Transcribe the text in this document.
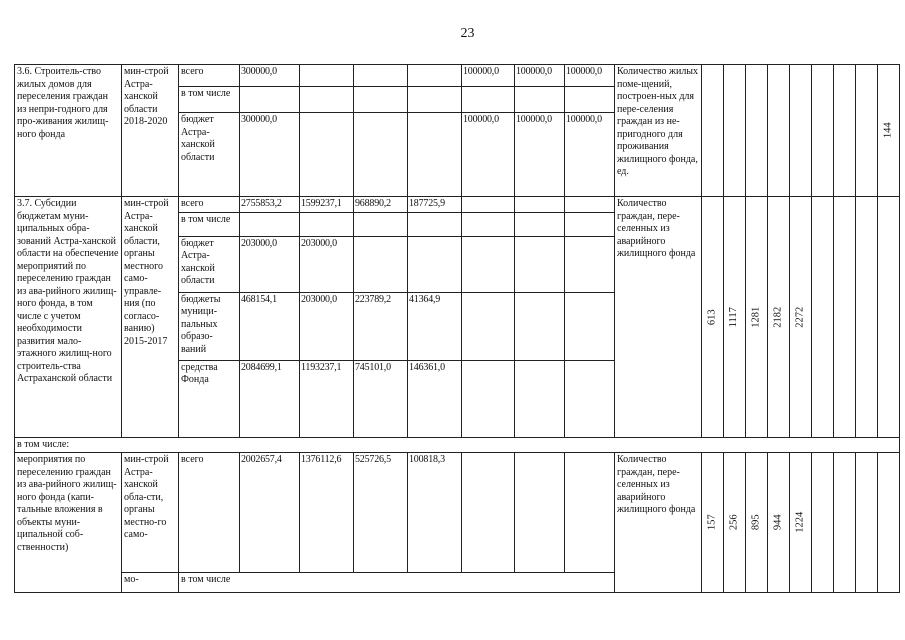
23
3.6. Строитель-ство жилых домов для переселения граждан из непри-годного для про-живания жилищ-ного фонда	мин-строй Астра-ханской области 2018-2020	всего	300000,0				100000,0	100000,0	100000,0	Количество жилых поме-щений, построен-ных для пере-селения граждан из не-пригодного для проживания жилищного фонда, ед.									144
		в том числе																	
		бюджет Астра-ханской области	300000,0				100000,0	100000,0	100000,0										
3.7. Субсидии бюджетам муни-ципальных обра-зований Астра-ханской области на обеспечение мероприятий по переселению граждан из ава-рийного жилищ-ного фонда, в том числе с учетом необходимости развития мало-этажного жилищ-ного строитель-ства Астраханской области	мин-строй Астра-ханской области, органы местного само-управле-ния (по согласо-ванию) 2015-2017	всего	2755853,2	1599237,1	968890,2	187725,9				Количество граждан, пере-селенных из аварийного жилищного фонда	613	1117	1281	2182	2272				
		в том числе																	
		бюджет Астра-ханской области	203000,0	203000,0															
		бюджеты муници-пальных образо-ваний	468154,1	203000,0	223789,2	41364,9													
		средства Фонда	2084699,1	1193237,1	745101,0	146361,0													
в том числе:																			
мероприятия по переселению граждан из ава-рийного жилищ-ного фонда (капи-тальные вложения в объекты муни-ципальной соб-ственности)	мин-строй Астра-ханской обла-сти, органы местно-го само-	всего	2002657,4	1376112,6	525726,5	100818,3				Количество граждан, пере-селенных из аварийного жилищного фонда	157	256	895	944	1224				
	мо-	в том числе																	
